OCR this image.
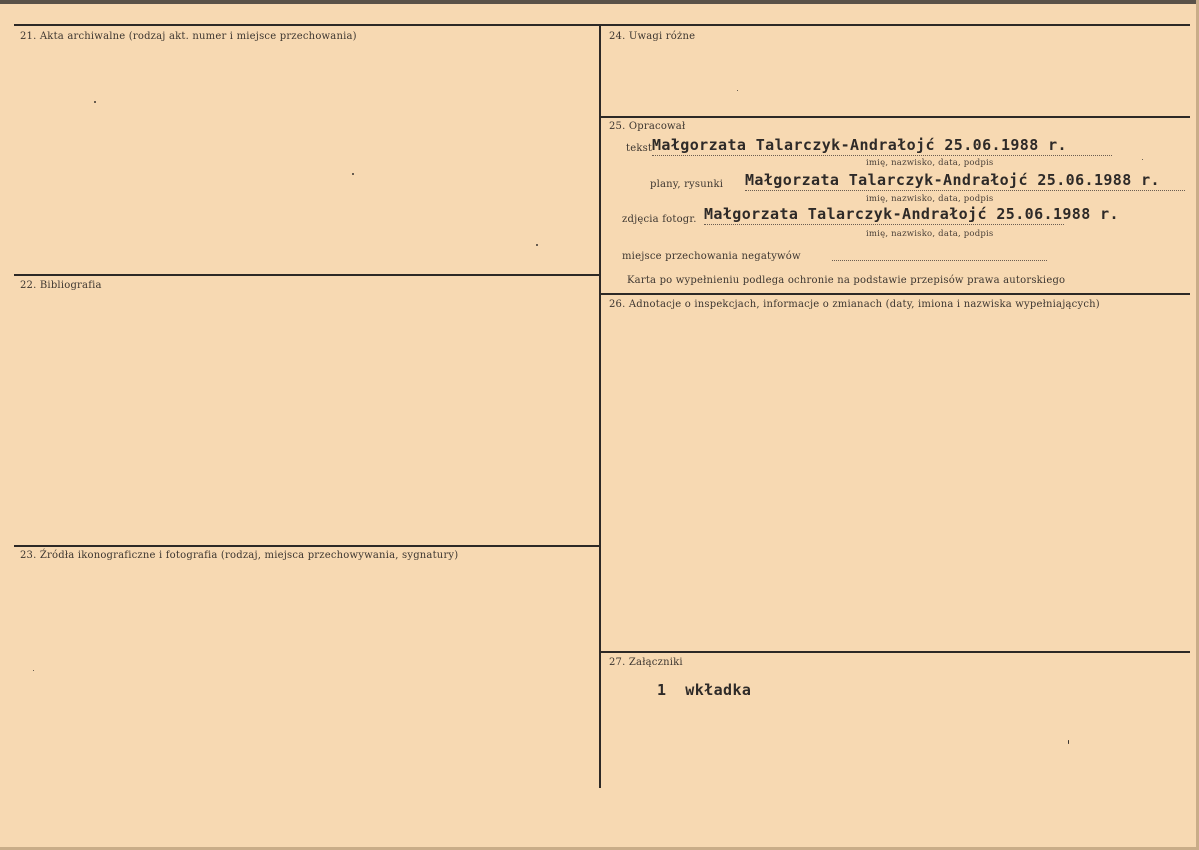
21. Akta archiwalne (rodzaj akt. numer i miejsce przechowania)
22. Bibliografia
23. Źródła ikonograficzne i fotografia (rodzaj, miejsca przechowywania, sygnatury)
24. Uwagi różne
25. Opracował
26. Adnotacje o inspekcjach, informacje o zmianach (daty, imiona i nazwiska wypełniających)
27. Załączniki
tekst Małgorzata Talarczyk-Andrałojć 25.06.1988 r.
imię, nazwisko, data, podpis
plany, rysunki Małgorzata Talarczyk-Andrałojć 25.06.1988 r.
imię, nazwisko, data, podpis
zdjęcia fotogr. Małgorzata Talarczyk-Andrałojć 25.06.1988 r.
imię, nazwisko, data, podpis
miejsce przechowania negatywów
Karta po wypełnieniu podlega ochronie na podstawie przepisów prawa autorskiego
1  wkładka
